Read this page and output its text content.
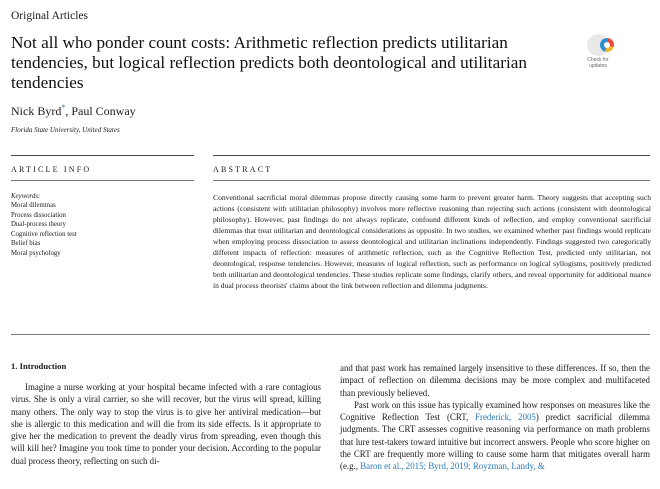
Original Articles
Not all who ponder count costs: Arithmetic reflection predicts utilitarian tendencies, but logical reflection predicts both deontological and utilitarian tendencies
Check for updates
Nick Byrd*, Paul Conway
Florida State University, United States
ARTICLE INFO	ABSTRACT
Keywords:
Moral dilemmas
Process dissociation
Dual-process theory
Cognitive reflection test
Belief bias
Moral psychology

Conventional sacrificial moral dilemmas propose directly causing some harm to prevent greater harm. Theory suggests that accepting such actions (consistent with utilitarian philosophy) involves more reflective reasoning than rejecting such actions (consistent with deontological philosophy). However, past findings do not always replicate, confound different kinds of reflection, and employ conventional sacrificial dilemmas that treat utilitarian and deontological considerations as opposite. In two studies, we examined whether past findings would replicate when employing process dissociation to assess deontological and utilitarian inclinations independently. Findings suggested two categorically different impacts of reflection: measures of arithmetic reflection, such as the Cognitive Reflection Test, predicted only utilitarian, not deontological, response tendencies. However, measures of logical reflection, such as performance on logical syllogisms, positively predicted both utilitarian and deontological tendencies. These studies replicate some findings, clarify others, and reveal opportunity for additional nuance in dual process theorists' claims about the link between reflection and dilemma judgments.

1. Introduction

Imagine a nurse working at your hospital became infected with a rare contagious virus. She is only a viral carrier, so she will recover, but the virus will spread, killing many others. The only way to stop the virus is to give her antiviral medication—but she is allergic to this medication and will die from its side effects. Is it appropriate to give her the medication to prevent the deadly virus from spreading, even though this will kill her? Imagine you took time to ponder your decision. According to the popular dual process theory, reflecting on such di-

and that past work has remained largely insensitive to these differences. If so, then the impact of reflection on dilemma decisions may be more complex and multifaceted than previously believed.

Past work on this issue has typically examined how responses on measures like the Cognitive Reflection Test (CRT, Frederick, 2005) predict sacrificial dilemma judgments. The CRT assesses cognitive reasoning via performance on math problems that lure test-takers toward intuitive but incorrect answers. People who score higher on the CRT are frequently more willing to cause some harm that mitigates overall harm (e.g., Baron et al., 2015; Byrd, 2019; Royzman, Landy, &
